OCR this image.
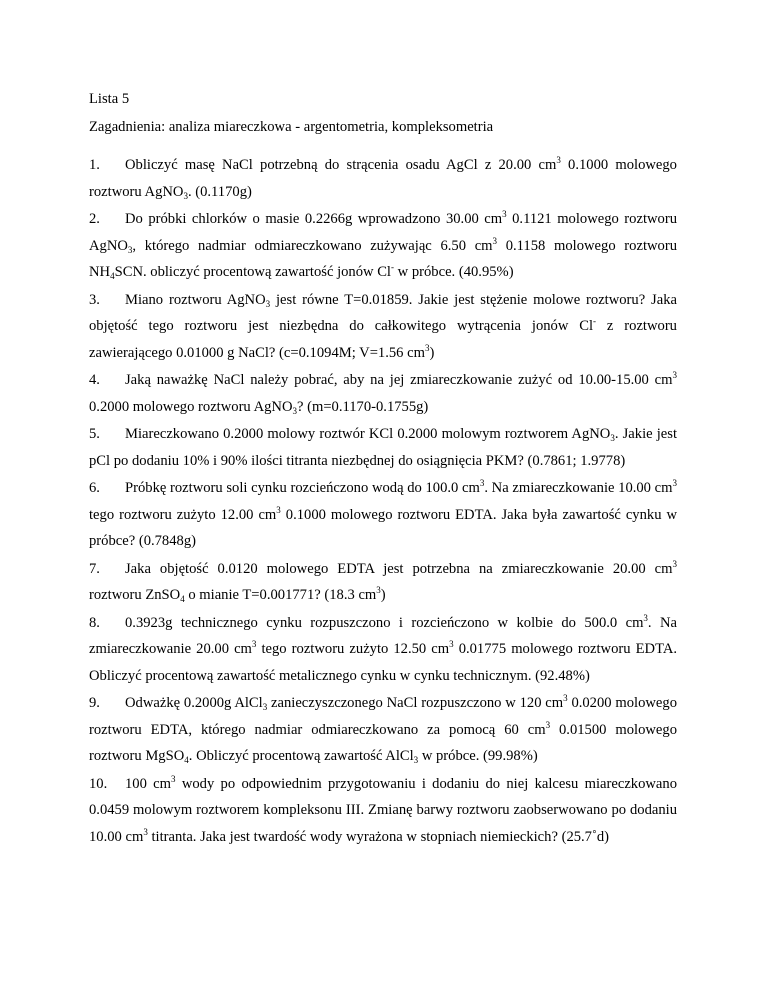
Lista 5
Zagadnienia: analiza miareczkowa - argentometria, kompleksometria
1. Obliczyć masę NaCl potrzebną do strącenia osadu AgCl z 20.00 $cm^3$ 0.1000 molowego roztworu AgNO$_3$. (0.1170g)
2. Do próbki chlorków o masie 0.2266g wprowadzono 30.00 $cm^3$ 0.1121 molowego roztworu AgNO$_3$, którego nadmiar odmiareczkowano zużywając 6.50 $cm^3$ 0.1158 molowego roztworu $NH_4SCN$. obliczyć procentową zawartość jonów Cl- w próbce. (40.95%)
3. Miano roztworu AgNO$_3$ jest równe T=0.01859. Jakie jest stężenie molowe roztworu? Jaka objętość tego roztworu jest niezbędna do całkowitego wytrącenia jonów Cl- z roztworu zawierającego 0.01000 g NaCl? (c=0.1094M; V=1.56 $cm^3$)
4. Jaką naważkę NaCl należy pobrać, aby na jej zmiareczkowanie zużyć od 10.00-15.00 $cm^3$ 0.2000 molowego roztworu AgNO$_3$? (m=0.1170-0.1755g)
5. Miareczkowano 0.2000 molowy roztwór KCl 0.2000 molowym roztworem AgNO$_3$. Jakie jest pCl po dodaniu 10% i 90% ilości titranta niezbędnej do osiągnięcia PKM? (0.7861; 1.9778)
6. Próbkę roztworu soli cynku rozcieńczono wodą do 100.0 $cm^3$. Na zmiareczkowanie 10.00 $cm^3$ tego roztworu zużyto 12.00 $cm^3$ 0.1000 molowego roztworu EDTA. Jaka była zawartość cynku w próbce? (0.7848g)
7. Jaka objętość 0.0120 molowego EDTA jest potrzebna na zmiareczkowanie 20.00 $cm^3$ roztworu ZnSO$_4$ o mianie T=0.001771? (18.3 $cm^3$)
8. 0.3923g technicznego cynku rozpuszczono i rozcieńczono w kolbie do 500.0 $cm^3$. Na zmiareczkowanie 20.00 $cm^3$ tego roztworu zużyto 12.50 $cm^3$ 0.01775 molowego roztworu EDTA. Obliczyć procentową zawartość metalicznego cynku w cynku technicznym. (92.48%)
9. Odważkę 0.2000g AlCl$_3$ zanieczyszczonego NaCl rozpuszczono w 120 $cm^3$ 0.0200 molowego roztworu EDTA, którego nadmiar odmiareczkowano za pomocą 60 $cm^3$ 0.01500 molowego roztworu MgSO$_4$. Obliczyć procentową zawartość AlCl$_3$ w próbce. (99.98%)
10. 100 $cm^3$ wody po odpowiednim przygotowaniu i dodaniu do niej kalcesu miareczkowano 0.0459 molowym roztworem kompleksonu III. Zmianę barwy roztworu zaobserwowano po dodaniu 10.00 $cm^3$ titranta. Jaka jest twardość wody wyrażona w stopniach niemieckich? (25.7˚d)
